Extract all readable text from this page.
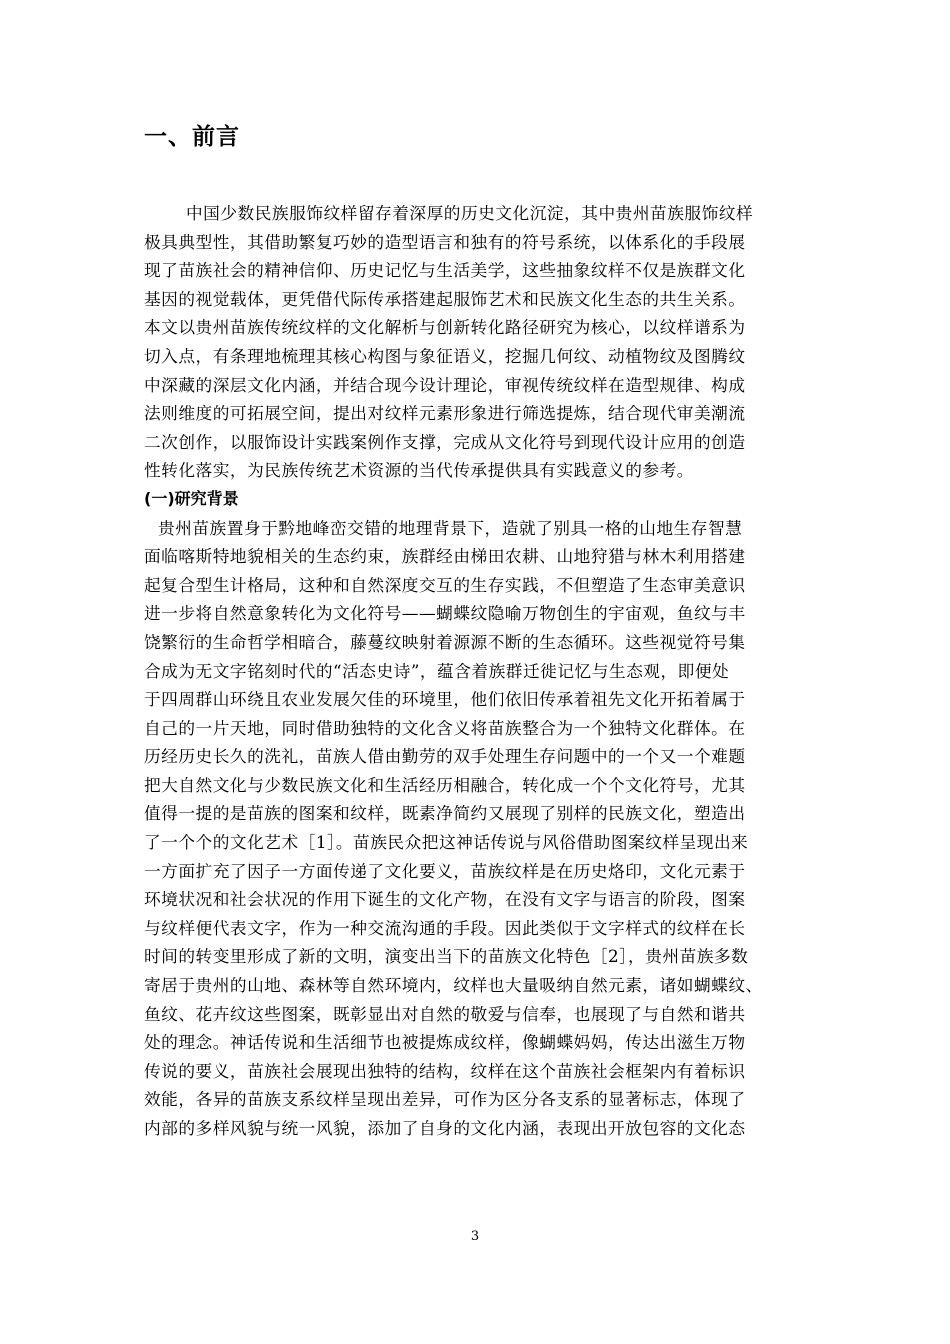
一、前言
中国少数民族服饰纹样留存着深厚的历史文化沉淀，其中贵州苗族服饰纹样
极具典型性，其借助繁复巧妙的造型语言和独有的符号系统，以体系化的手段展
现了苗族社会的精神信仰、历史记忆与生活美学，这些抽象纹样不仅是族群文化
基因的视觉载体，更凭借代际传承搭建起服饰艺术和民族文化生态的共生关系。
本文以贵州苗族传统纹样的文化解析与创新转化路径研究为核心，以纹样谱系为
切入点，有条理地梳理其核心构图与象征语义，挖掘几何纹、动植物纹及图腾纹
中深藏的深层文化内涵，并结合现今设计理论，审视传统纹样在造型规律、构成
法则维度的可拓展空间，提出对纹样元素形象进行筛选提炼，结合现代审美潮流
二次创作，以服饰设计实践案例作支撑，完成从文化符号到现代设计应用的创造
性转化落实，为民族传统艺术资源的当代传承提供具有实践意义的参考。
(一)研究背景
贵州苗族置身于黔地峰峦交错的地理背景下，造就了别具一格的山地生存智慧
面临喀斯特地貌相关的生态约束，族群经由梯田农耕、山地狩猎与林木利用搭建
起复合型生计格局，这种和自然深度交互的生存实践，不但塑造了生态审美意识
进一步将自然意象转化为文化符号——蝴蝶纹隐喻万物创生的宇宙观，鱼纹与丰
饶繁衍的生命哲学相暗合，藤蔓纹映射着源源不断的生态循环。这些视觉符号集
合成为无文字铭刻时代的“活态史诗”，蕴含着族群迁徙记忆与生态观，即便处
于四周群山环绕且农业发展欠佳的环境里，他们依旧传承着祖先文化开拓着属于
自己的一片天地，同时借助独特的文化含义将苗族整合为一个独特文化群体。在
历经历史长久的洗礼，苗族人借由勤劳的双手处理生存问题中的一个又一个难题
把大自然文化与少数民族文化和生活经历相融合，转化成一个个文化符号，尤其
值得一提的是苗族的图案和纹样，既素净简约又展现了别样的民族文化，塑造出
了一个个的文化艺术［1］。苗族民众把这神话传说与风俗借助图案纹样呈现出来
一方面扩充了因子一方面传递了文化要义，苗族纹样是在历史烙印，文化元素于
环境状况和社会状况的作用下诞生的文化产物，在没有文字与语言的阶段，图案
与纹样便代表文字，作为一种交流沟通的手段。因此类似于文字样式的纹样在长
时间的转变里形成了新的文明，演变出当下的苗族文化特色［2］，贵州苗族多数
寄居于贵州的山地、森林等自然环境内，纹样也大量吸纳自然元素，诸如蝴蝶纹、
鱼纹、花卉纹这些图案，既彰显出对自然的敬爱与信奉，也展现了与自然和谐共
处的理念。神话传说和生活细节也被提炼成纹样，像蝴蝶妈妈，传达出滋生万物
传说的要义，苗族社会展现出独特的结构，纹样在这个苗族社会框架内有着标识
效能，各异的苗族支系纹样呈现出差异，可作为区分各支系的显著标志，体现了
内部的多样风貌与统一风貌，添加了自身的文化内涵，表现出开放包容的文化态
3
